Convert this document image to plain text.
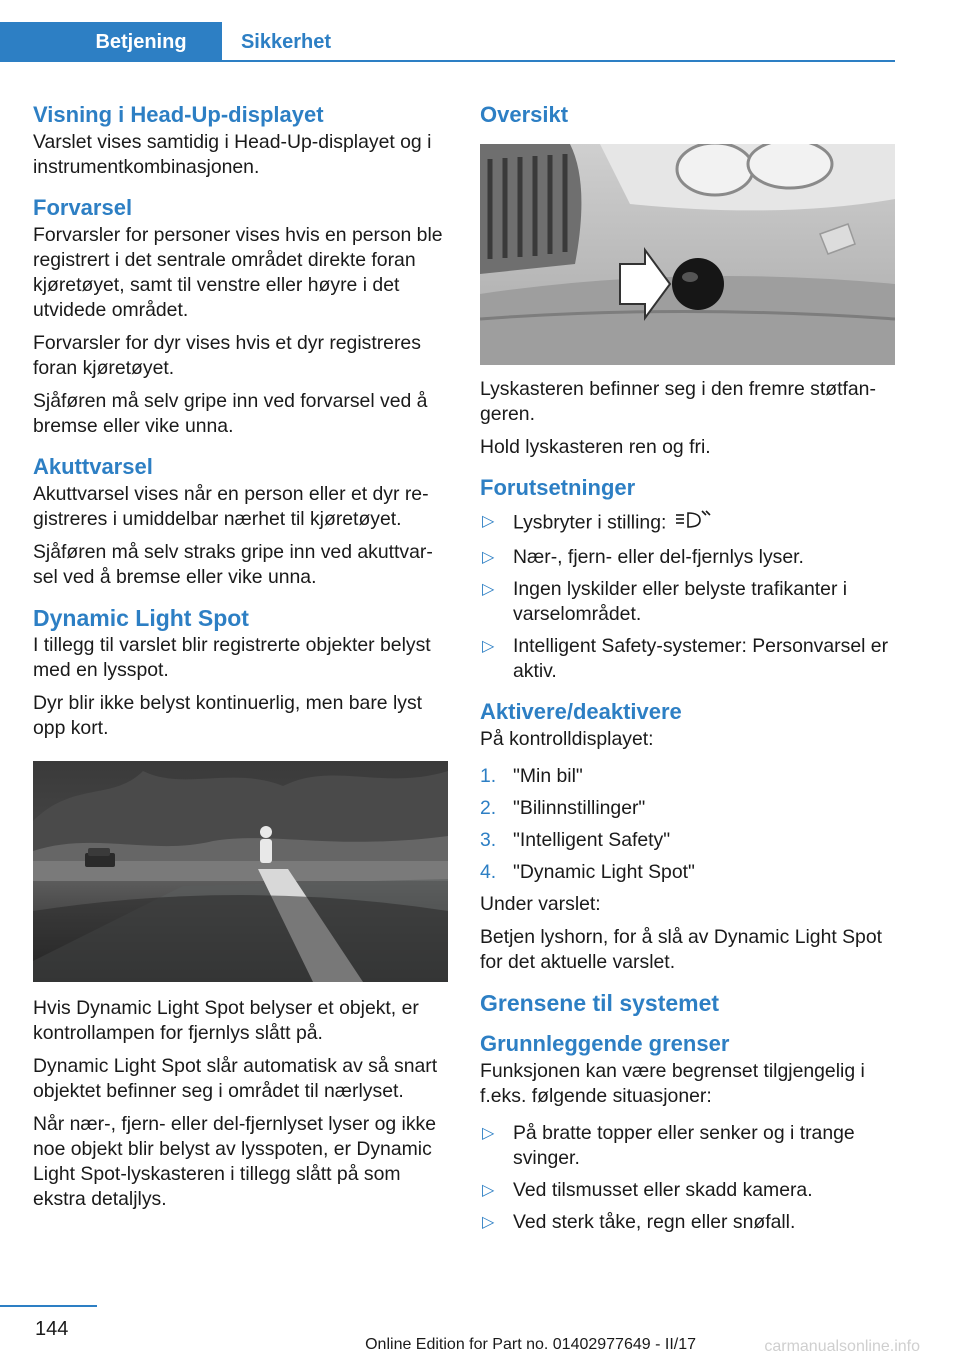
Betjening	Sikkerhet
Visning i Head-Up-displayet

Varslet vises samtidig i Head-Up-displayet og i instrumentkombinasjonen.

Forvarsel

Forvarsler for personer vises hvis en person ble registrert i det sentrale området direkte foran kjøretøyet, samt til venstre eller høyre i det utvidede området.

Forvarsler for dyr vises hvis et dyr registreres foran kjøretøyet.

Sjåføren må selv gripe inn ved forvarsel ved å bremse eller vike unna.

Akuttvarsel

Akuttvarsel vises når en person eller et dyr re‐gistreres i umiddelbar nærhet til kjøretøyet.

Sjåføren må selv straks gripe inn ved akuttvar‐sel ved å bremse eller vike unna.

Dynamic Light Spot

I tillegg til varslet blir registrerte objekter belyst med en lysspot.

Dyr blir ikke belyst kontinuerlig, men bare lyst opp kort.

Hvis Dynamic Light Spot belyser et objekt, er kontrollampen for fjernlys slått på.

Dynamic Light Spot slår automatisk av så snart objektet befinner seg i området til nærlyset.

Når nær-, fjern- eller del-fjernlyset lyser og ikke noe objekt blir belyst av lysspoten, er Dynamic Light Spot-lyskasteren i tillegg slått på som ekstra detaljlys.

Oversikt

Lyskasteren befinner seg i den fremre støtfan‐geren.

Hold lyskasteren ren og fri.

Forutsetninger
▷ Lysbryter i stilling:
▷ Nær-, fjern- eller del-fjernlys lyser.
▷ Ingen lyskilder eller belyste trafikanter i varselområdet.
▷ Intelligent Safety-systemer: Personvarsel er aktiv.
Aktivere/deaktivere

På kontrolldisplayet:

1. "Min bil"
2. "Bilinnstillinger"
3. "Intelligent Safety"
4. "Dynamic Light Spot"

Under varslet:

Betjen lyshorn, for å slå av Dynamic Light Spot for det aktuelle varslet.

Grensene til systemet
Grunnleggende grenser

Funksjonen kan være begrenset tilgjengelig i f.eks. følgende situasjoner:

▷ På bratte topper eller senker og i trange svinger.
▷ Ved tilsmusset eller skadd kamera.
▷ Ved sterk tåke, regn eller snøfall.
144
Online Edition for Part no. 01402977649 - II/17	carmanualsonline.info
